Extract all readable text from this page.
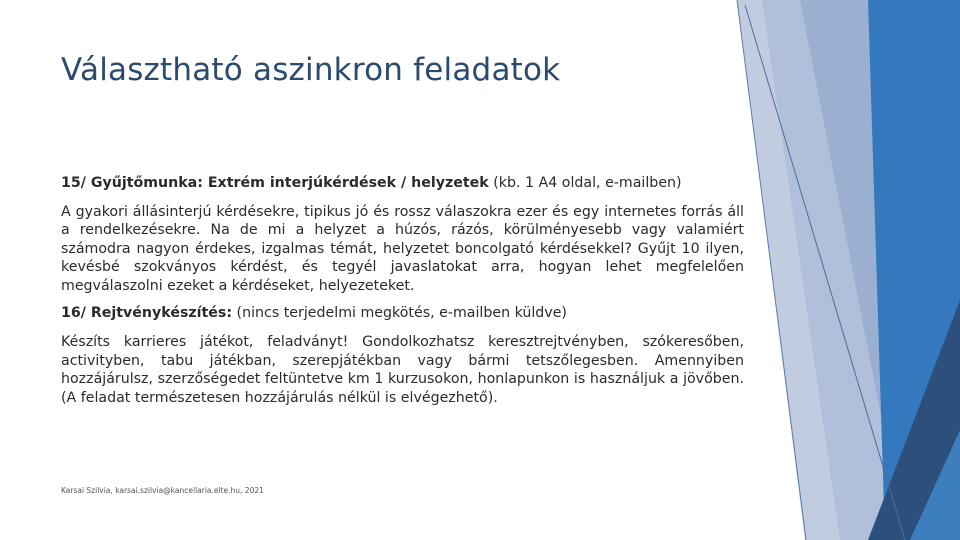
Választható aszinkron feladatok

15/ Gyűjtőmunka: Extrém interjúkérdések / helyzetek (kb. 1 A4 oldal, e-mailben)

A gyakori állásinterjú kérdésekre, tipikus jó és rossz válaszokra ezer és egy internetes forrás áll a rendelkezésekre. Na de mi a helyzet a húzós, rázós, körülményesebb vagy valamiért számodra nagyon érdekes, izgalmas témát, helyzetet boncolgató kérdésekkel? Gyűjt 10 ilyen, kevésbé szokványos kérdést, és tegyél javaslatokat arra, hogyan lehet megfelelően megválaszolni ezeket a kérdéseket, helyezeteket.

16/ Rejtvénykészítés: (nincs terjedelmi megkötés, e-mailben küldve)

Készíts karrieres játékot, feladványt! Gondolkozhatsz keresztrejtvényben, szókeresőben, activityben, tabu játékban, szerepjátékban vagy bármi tetszőlegesben. Amennyiben hozzájárulsz, szerzőségedet feltüntetve km 1 kurzusokon, honlapunkon is használjuk a jövőben. (A feladat természetesen hozzájárulás nélkül is elvégezhető).

Karsai Szilvia, karsai.szilvia@kancellaria.elte.hu, 2021
